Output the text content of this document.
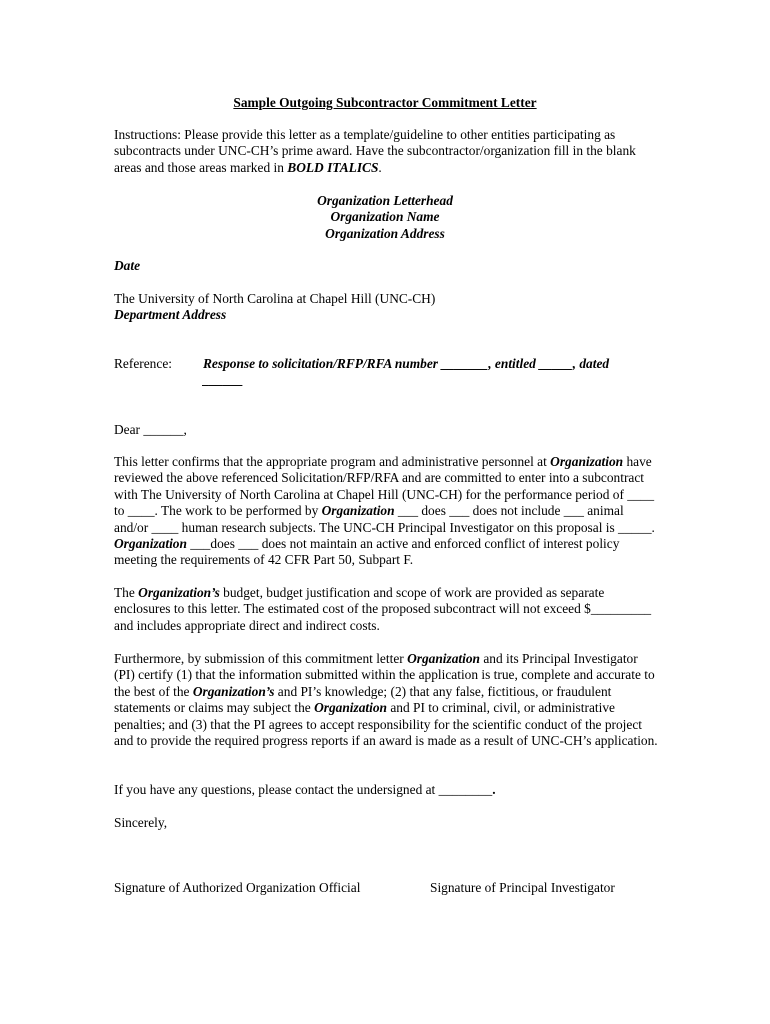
Sample Outgoing Subcontractor Commitment Letter

Instructions: Please provide this letter as a template/guideline to other entities participating as subcontracts under UNC-CH’s prime award. Have the subcontractor/organization fill in the blank areas and those areas marked in BOLD ITALICS.

Organization Letterhead
Organization Name
Organization Address
Date
The University of North Carolina at Chapel Hill (UNC-CH)
Department Address
Reference: Response to solicitation/RFP/RFA number _______, entitled _____, dated ______
Dear ______,

This letter confirms that the appropriate program and administrative personnel at Organization have reviewed the above referenced Solicitation/RFP/RFA and are committed to enter into a subcontract with The University of North Carolina at Chapel Hill (UNC-CH) for the performance period of ____ to ____. The work to be performed by Organization ___ does ___ does not include ___ animal and/or ____ human research subjects. The UNC-CH Principal Investigator on this proposal is _____. Organization ___does ___ does not maintain an active and enforced conflict of interest policy meeting the requirements of 42 CFR Part 50, Subpart F.

The Organization’s budget, budget justification and scope of work are provided as separate enclosures to this letter. The estimated cost of the proposed subcontract will not exceed $_________ and includes appropriate direct and indirect costs.

Furthermore, by submission of this commitment letter Organization and its Principal Investigator (PI) certify (1) that the information submitted within the application is true, complete and accurate to the best of the Organization’s and PI’s knowledge; (2) that any false, fictitious, or fraudulent statements or claims may subject the Organization and PI to criminal, civil, or administrative penalties; and (3) that the PI agrees to accept responsibility for the scientific conduct of the project and to provide the required progress reports if an award is made as a result of UNC-CH’s application.

If you have any questions, please contact the undersigned at ________.
Sincerely,
Signature of Authorized Organization Official	Signature of Principal Investigator
